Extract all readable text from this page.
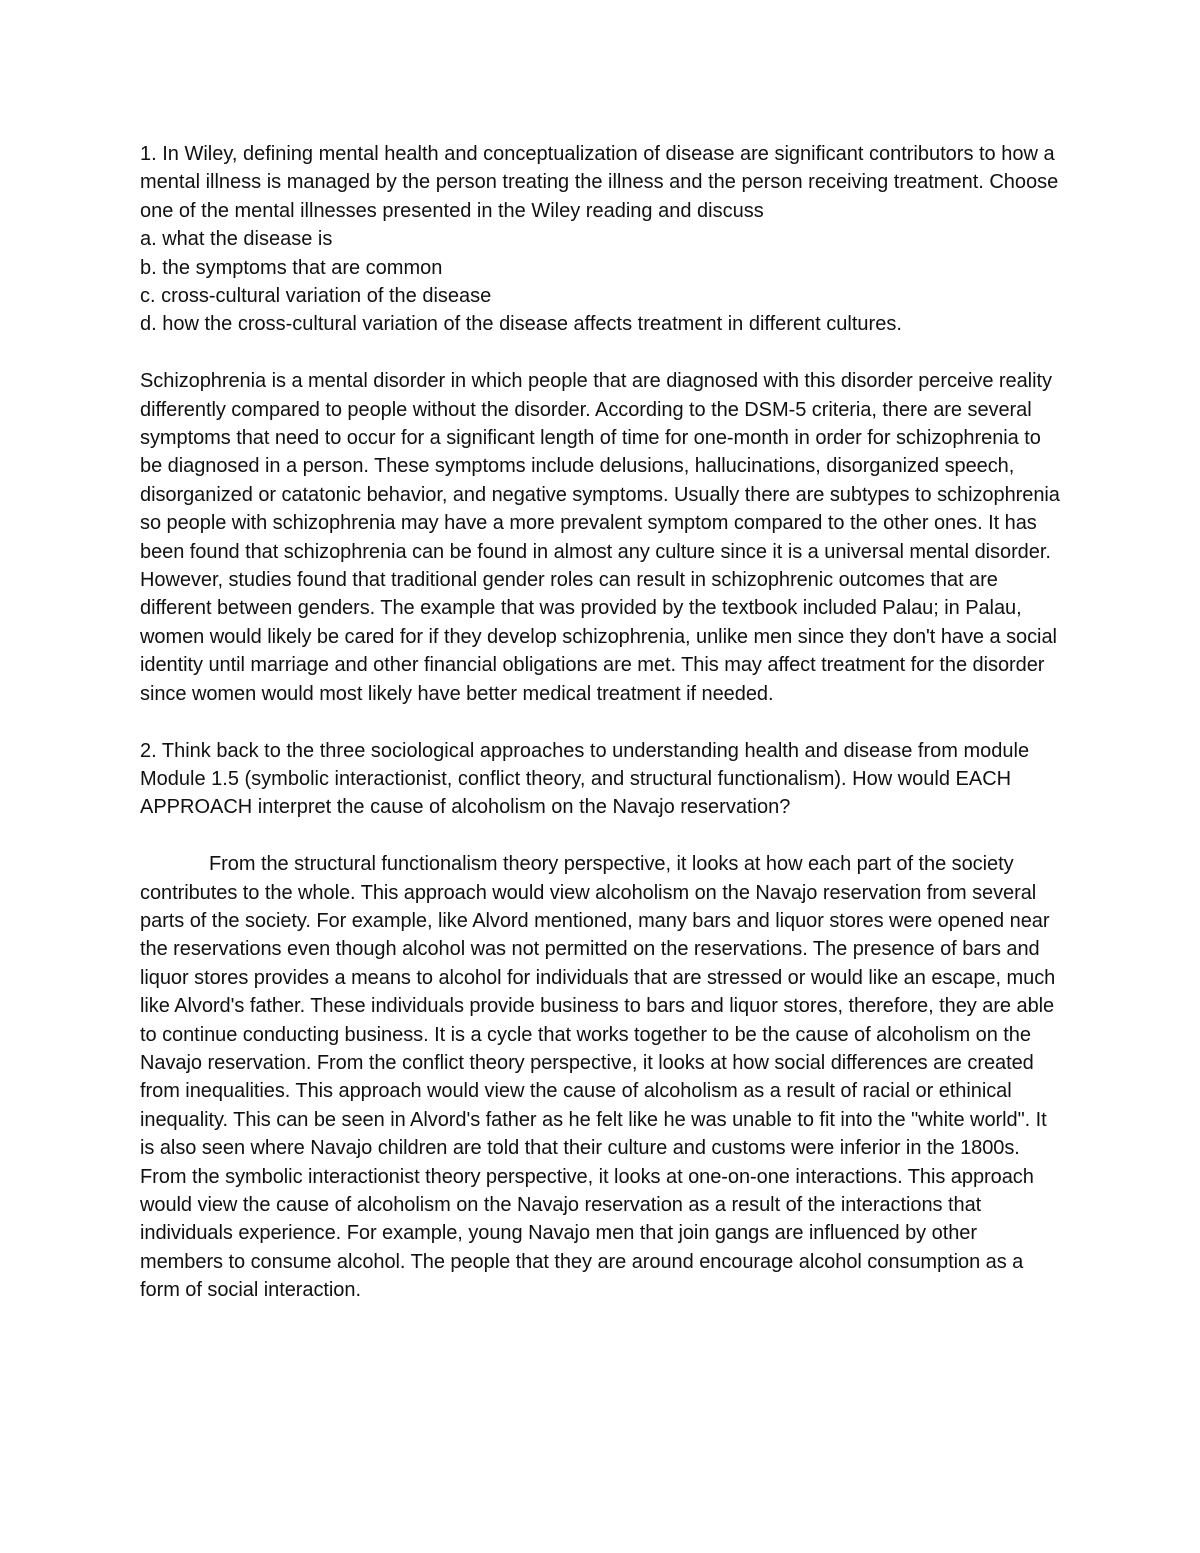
1. In Wiley, defining mental health and conceptualization of disease are significant contributors to how a mental illness is managed by the person treating the illness and the person receiving treatment. Choose one of the mental illnesses presented in the Wiley reading and discuss

a. what the disease is
b. the symptoms that are common
c. cross-cultural variation of the disease
d. how the cross-cultural variation of the disease affects treatment in different cultures.

Schizophrenia is a mental disorder in which people that are diagnosed with this disorder perceive reality differently compared to people without the disorder. According to the DSM-5 criteria, there are several symptoms that need to occur for a significant length of time for one-month in order for schizophrenia to be diagnosed in a person. These symptoms include delusions, hallucinations, disorganized speech, disorganized or catatonic behavior, and negative symptoms. Usually there are subtypes to schizophrenia so people with schizophrenia may have a more prevalent symptom compared to the other ones. It has been found that schizophrenia can be found in almost any culture since it is a universal mental disorder. However, studies found that traditional gender roles can result in schizophrenic outcomes that are different between genders. The example that was provided by the textbook included Palau; in Palau, women would likely be cared for if they develop schizophrenia, unlike men since they don't have a social identity until marriage and other financial obligations are met. This may affect treatment for the disorder since women would most likely have better medical treatment if needed.

2. Think back to the three sociological approaches to understanding health and disease from module Module 1.5 (symbolic interactionist, conflict theory, and structural functionalism). How would EACH APPROACH interpret the cause of alcoholism on the Navajo reservation?

From the structural functionalism theory perspective, it looks at how each part of the society contributes to the whole. This approach would view alcoholism on the Navajo reservation from several parts of the society. For example, like Alvord mentioned, many bars and liquor stores were opened near the reservations even though alcohol was not permitted on the reservations. The presence of bars and liquor stores provides a means to alcohol for individuals that are stressed or would like an escape, much like Alvord's father. These individuals provide business to bars and liquor stores, therefore, they are able to continue conducting business. It is a cycle that works together to be the cause of alcoholism on the Navajo reservation. From the conflict theory perspective, it looks at how social differences are created from inequalities. This approach would view the cause of alcoholism as a result of racial or ethinical inequality. This can be seen in Alvord's father as he felt like he was unable to fit into the "white world". It is also seen where Navajo children are told that their culture and customs were inferior in the 1800s. From the symbolic interactionist theory perspective, it looks at one-on-one interactions. This approach would view the cause of alcoholism on the Navajo reservation as a result of the interactions that individuals experience. For example, young Navajo men that join gangs are influenced by other members to consume alcohol. The people that they are around encourage alcohol consumption as a form of social interaction.
